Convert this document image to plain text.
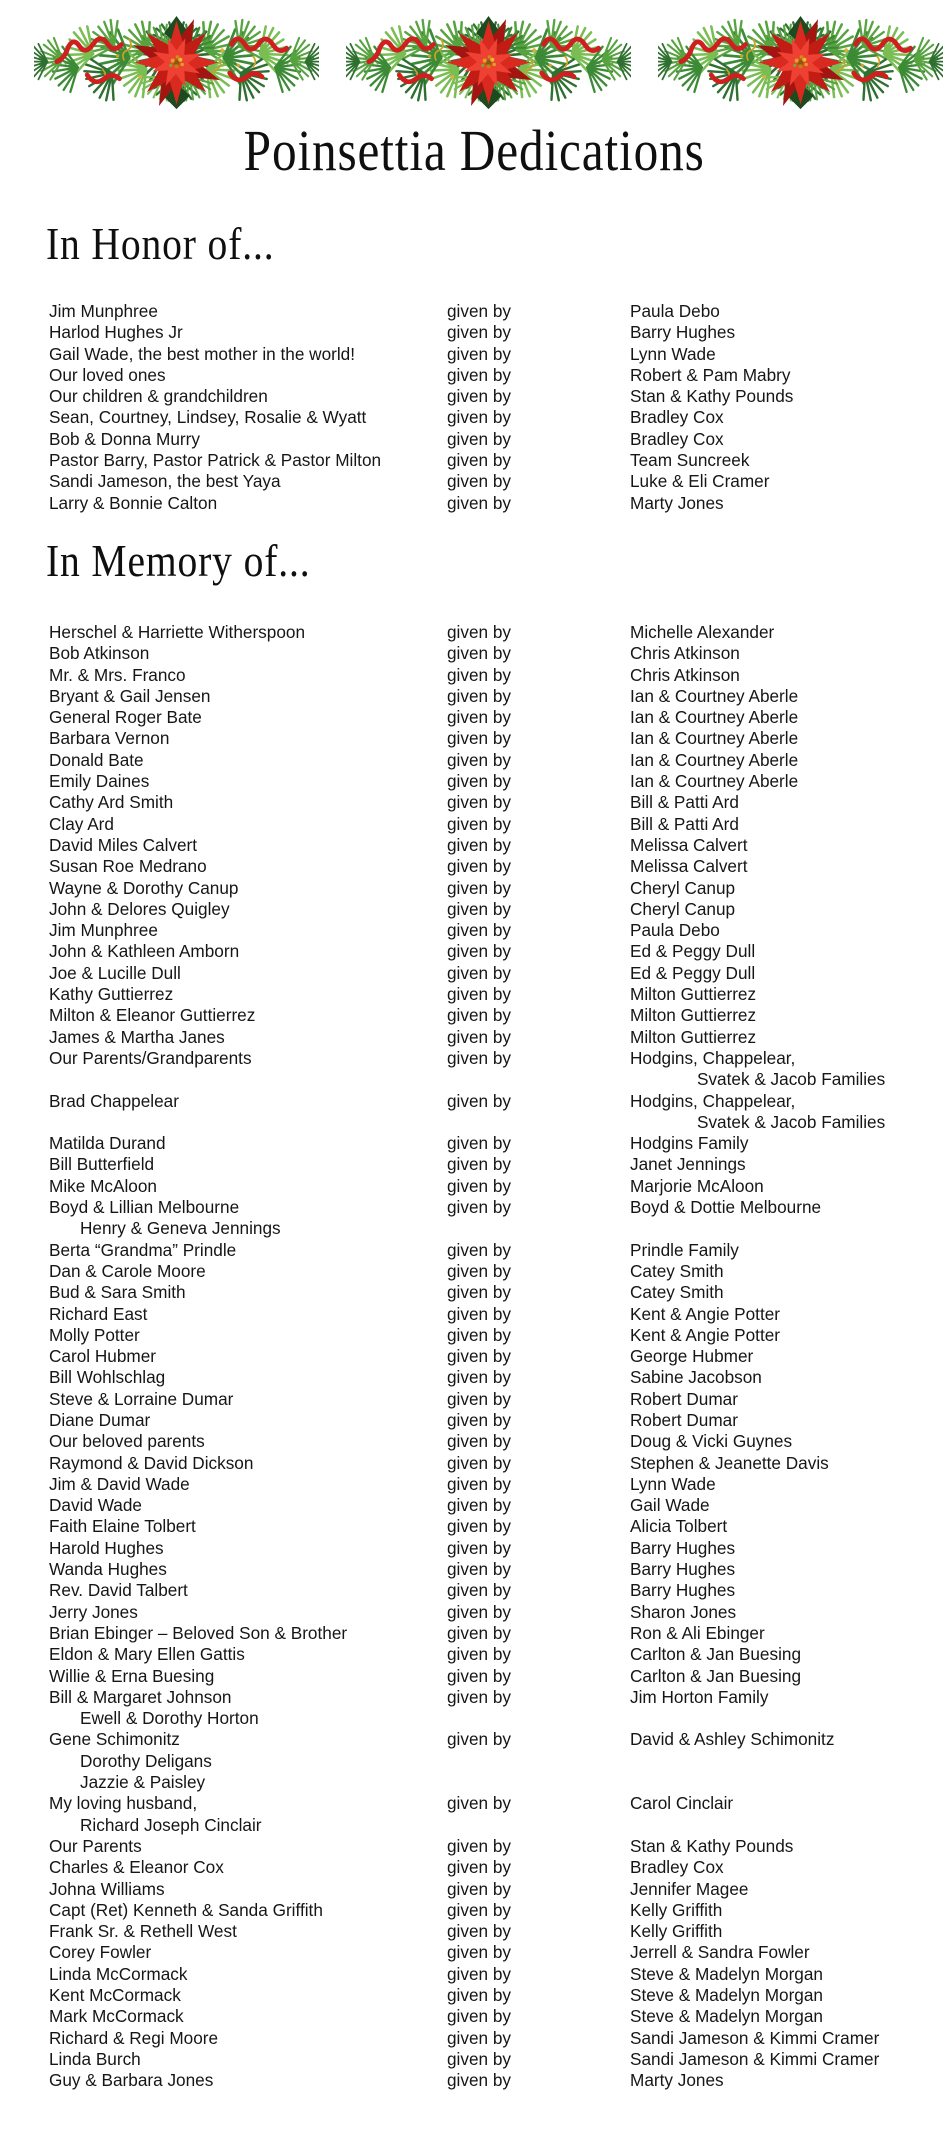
Poinsettia Dedications
In Honor of...
Jim Munphree	given by	Paula Debo
Harlod Hughes Jr	given by	Barry Hughes
Gail Wade, the best mother in the world!	given by	Lynn Wade
Our loved ones	given by	Robert & Pam Mabry
Our children & grandchildren	given by	Stan & Kathy Pounds
Sean, Courtney, Lindsey, Rosalie & Wyatt	given by	Bradley Cox
Bob & Donna Murry	given by	Bradley Cox
Pastor Barry, Pastor Patrick & Pastor Milton	given by	Team Suncreek
Sandi Jameson, the best Yaya	given by	Luke & Eli Cramer
Larry & Bonnie Calton	given by	Marty Jones
In Memory of...
Herschel & Harriette Witherspoon	given by	Michelle Alexander
Bob Atkinson	given by	Chris Atkinson
Mr. & Mrs. Franco	given by	Chris Atkinson
Bryant & Gail Jensen	given by	Ian & Courtney Aberle
General Roger Bate	given by	Ian & Courtney Aberle
Barbara Vernon	given by	Ian & Courtney Aberle
Donald Bate	given by	Ian & Courtney Aberle
Emily Daines	given by	Ian & Courtney Aberle
Cathy Ard Smith	given by	Bill & Patti Ard
Clay Ard	given by	Bill & Patti Ard
David Miles Calvert	given by	Melissa Calvert
Susan Roe Medrano	given by	Melissa Calvert
Wayne & Dorothy Canup	given by	Cheryl Canup
John & Delores Quigley	given by	Cheryl Canup
Jim Munphree	given by	Paula Debo
John & Kathleen Amborn	given by	Ed & Peggy Dull
Joe & Lucille Dull	given by	Ed & Peggy Dull
Kathy Guttierrez	given by	Milton Guttierrez
Milton & Eleanor Guttierrez	given by	Milton Guttierrez
James & Martha Janes	given by	Milton Guttierrez
Our Parents/Grandparents	given by	Hodgins, Chappelear,
Svatek & Jacob Families
Brad Chappelear	given by	Hodgins, Chappelear,
Svatek & Jacob Families
Matilda Durand	given by	Hodgins Family
Bill Butterfield	given by	Janet Jennings
Mike McAloon	given by	Marjorie McAloon
Boyd & Lillian Melbourne	given by	Boyd & Dottie Melbourne
Henry & Geneva Jennings
Berta “Grandma” Prindle	given by	Prindle Family
Dan & Carole Moore	given by	Catey Smith
Bud & Sara Smith	given by	Catey Smith
Richard East	given by	Kent & Angie Potter
Molly Potter	given by	Kent & Angie Potter
Carol Hubmer	given by	George Hubmer
Bill Wohlschlag	given by	Sabine Jacobson
Steve & Lorraine Dumar	given by	Robert Dumar
Diane Dumar	given by	Robert Dumar
Our beloved parents	given by	Doug & Vicki Guynes
Raymond & David Dickson	given by	Stephen & Jeanette Davis
Jim & David Wade	given by	Lynn Wade
David Wade	given by	Gail Wade
Faith Elaine Tolbert	given by	Alicia Tolbert
Harold Hughes	given by	Barry Hughes
Wanda Hughes	given by	Barry Hughes
Rev. David Talbert	given by	Barry Hughes
Jerry Jones	given by	Sharon Jones
Brian Ebinger – Beloved Son & Brother	given by	Ron & Ali Ebinger
Eldon & Mary Ellen Gattis	given by	Carlton & Jan Buesing
Willie & Erna Buesing	given by	Carlton & Jan Buesing
Bill & Margaret Johnson	given by	Jim Horton Family
Ewell & Dorothy Horton
Gene Schimonitz	given by	David & Ashley Schimonitz
Dorothy Deligans
Jazzie & Paisley
My loving husband,	given by	Carol Cinclair
Richard Joseph Cinclair
Our Parents	given by	Stan & Kathy Pounds
Charles & Eleanor Cox	given by	Bradley Cox
Johna Williams	given by	Jennifer Magee
Capt (Ret) Kenneth & Sanda Griffith	given by	Kelly Griffith
Frank Sr. & Rethell West	given by	Kelly Griffith
Corey Fowler	given by	Jerrell & Sandra Fowler
Linda McCormack	given by	Steve & Madelyn Morgan
Kent McCormack	given by	Steve & Madelyn Morgan
Mark McCormack	given by	Steve & Madelyn Morgan
Richard & Regi Moore	given by	Sandi Jameson & Kimmi Cramer
Linda Burch	given by	Sandi Jameson & Kimmi Cramer
Guy & Barbara Jones	given by	Marty Jones
